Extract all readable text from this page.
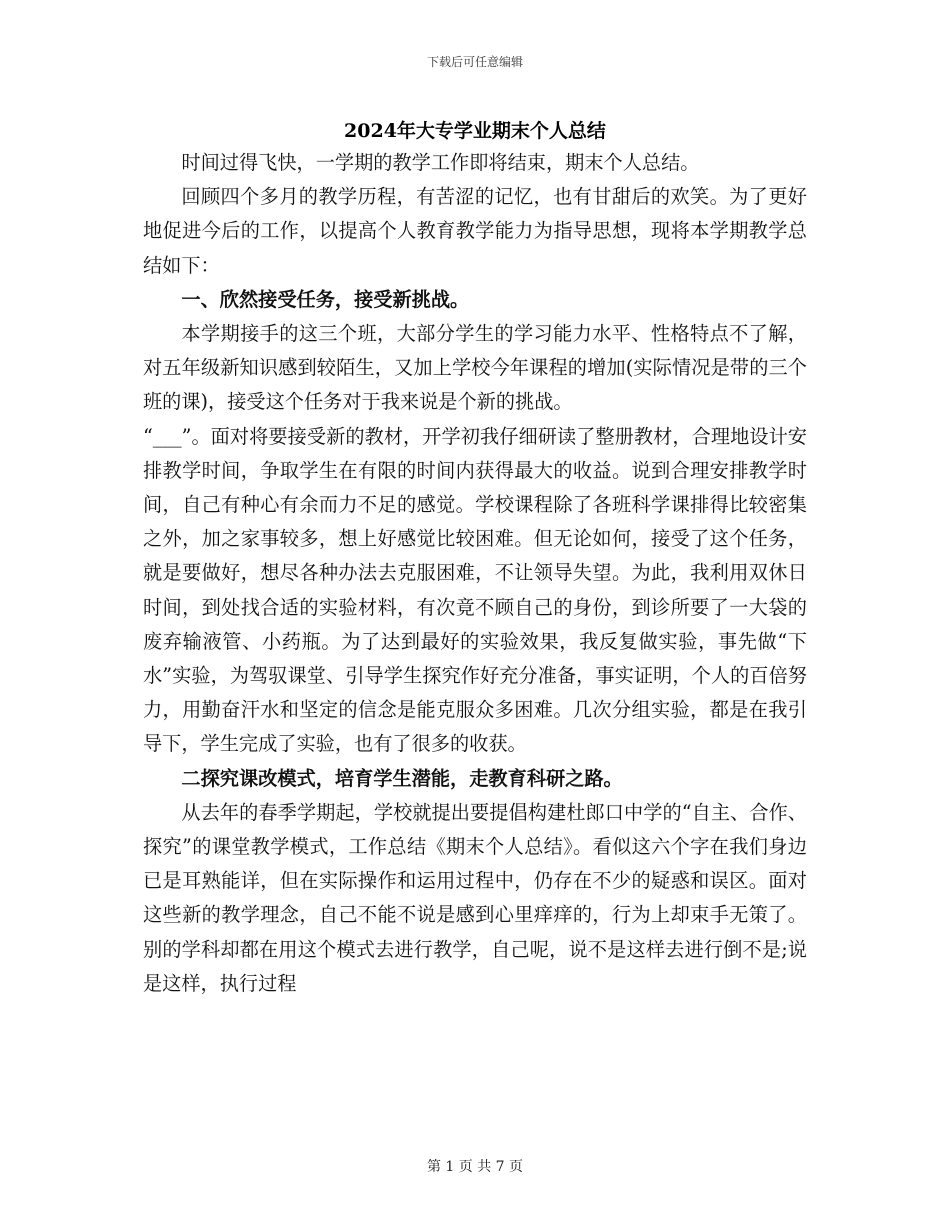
下载后可任意编辑
2024年大专学业期末个人总结

时间过得飞快，一学期的教学工作即将结束，期末个人总结。

回顾四个多月的教学历程，有苦涩的记忆，也有甘甜后的欢笑。为了更好地促进今后的工作，以提高个人教育教学能力为指导思想，现将本学期教学总结如下：

一、欣然接受任务，接受新挑战。

本学期接手的这三个班，大部分学生的学习能力水平、性格特点不了解，对五年级新知识感到较陌生，又加上学校今年课程的增加(实际情况是带的三个班的课)，接受这个任务对于我来说是个新的挑战。

“___”。面对将要接受新的教材，开学初我仔细研读了整册教材，合理地设计安排教学时间，争取学生在有限的时间内获得最大的收益。说到合理安排教学时间，自己有种心有余而力不足的感觉。学校课程除了各班科学课排得比较密集之外，加之家事较多，想上好感觉比较困难。但无论如何，接受了这个任务，就是要做好，想尽各种办法去克服困难，不让领导失望。为此，我利用双休日时间，到处找合适的实验材料，有次竟不顾自己的身份，到诊所要了一大袋的废弃输液管、小药瓶。为了达到最好的实验效果，我反复做实验，事先做“下水”实验，为驾驭课堂、引导学生探究作好充分准备，事实证明，个人的百倍努力，用勤奋汗水和坚定的信念是能克服众多困难。几次分组实验，都是在我引导下，学生完成了实验，也有了很多的收获。

二探究课改模式，培育学生潜能，走教育科研之路。

从去年的春季学期起，学校就提出要提倡构建杜郎口中学的“自主、合作、探究”的课堂教学模式，工作总结《期末个人总结》。看似这六个字在我们身边已是耳熟能详，但在实际操作和运用过程中，仍存在不少的疑惑和误区。面对这些新的教学理念，自己不能不说是感到心里痒痒的，行为上却束手无策了。别的学科却都在用这个模式去进行教学，自己呢，说不是这样去进行倒不是;说是这样，执行过程

第 1 页 共 7 页
